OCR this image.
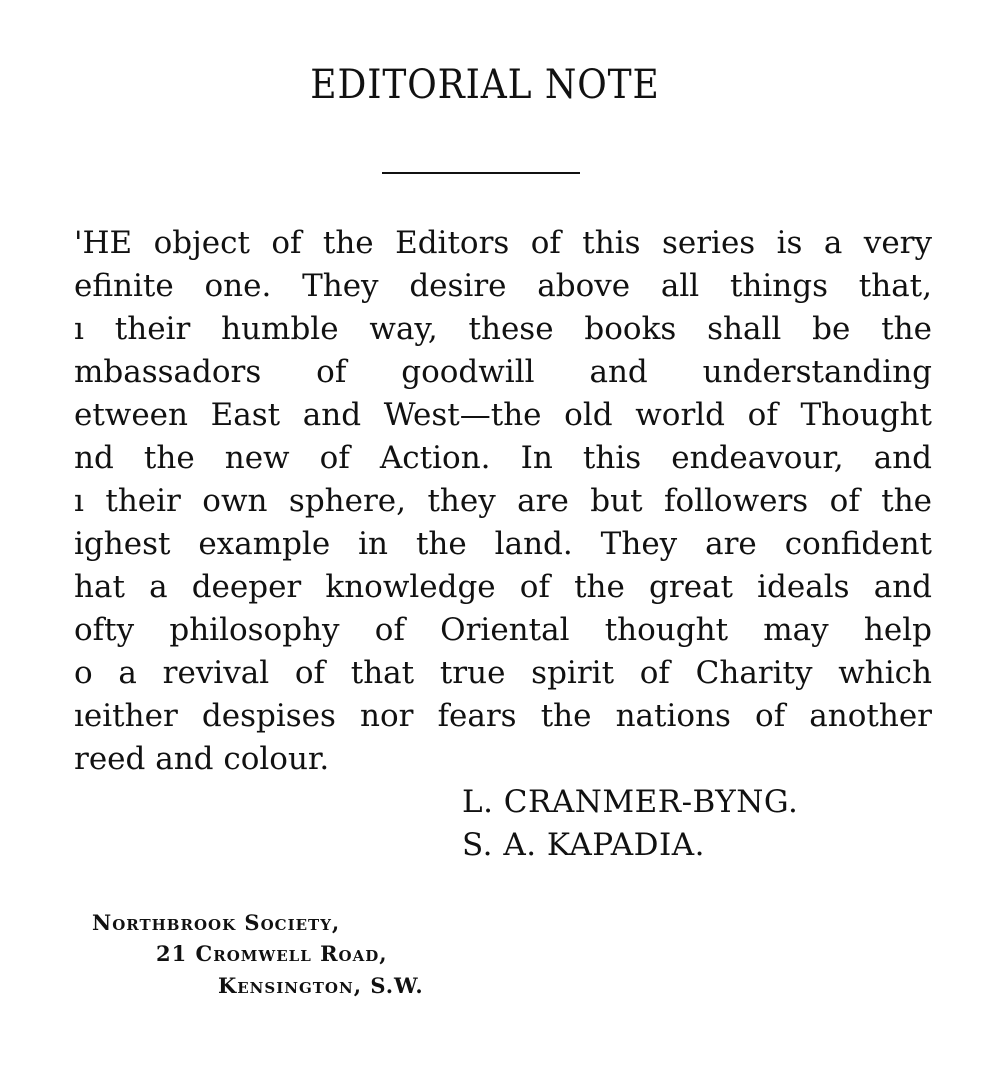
EDITORIAL NOTE
'HE object of the Editors of this series is a very
efinite one. They desire above all things that,
ı their humble way, these books shall be the
mbassadors of goodwill and understanding
etween East and West—the old world of Thought
nd the new of Action. In this endeavour, and
ı their own sphere, they are but followers of the
ighest example in the land. They are confident
hat a deeper knowledge of the great ideals and
ofty philosophy of Oriental thought may help
o a revival of that true spirit of Charity which
ıeither despises nor fears the nations of another
reed and colour.
L. CRANMER-BYNG.
S. A. KAPADIA.
Northbrook Society,
21 Cromwell Road,
Kensington, S.W.
